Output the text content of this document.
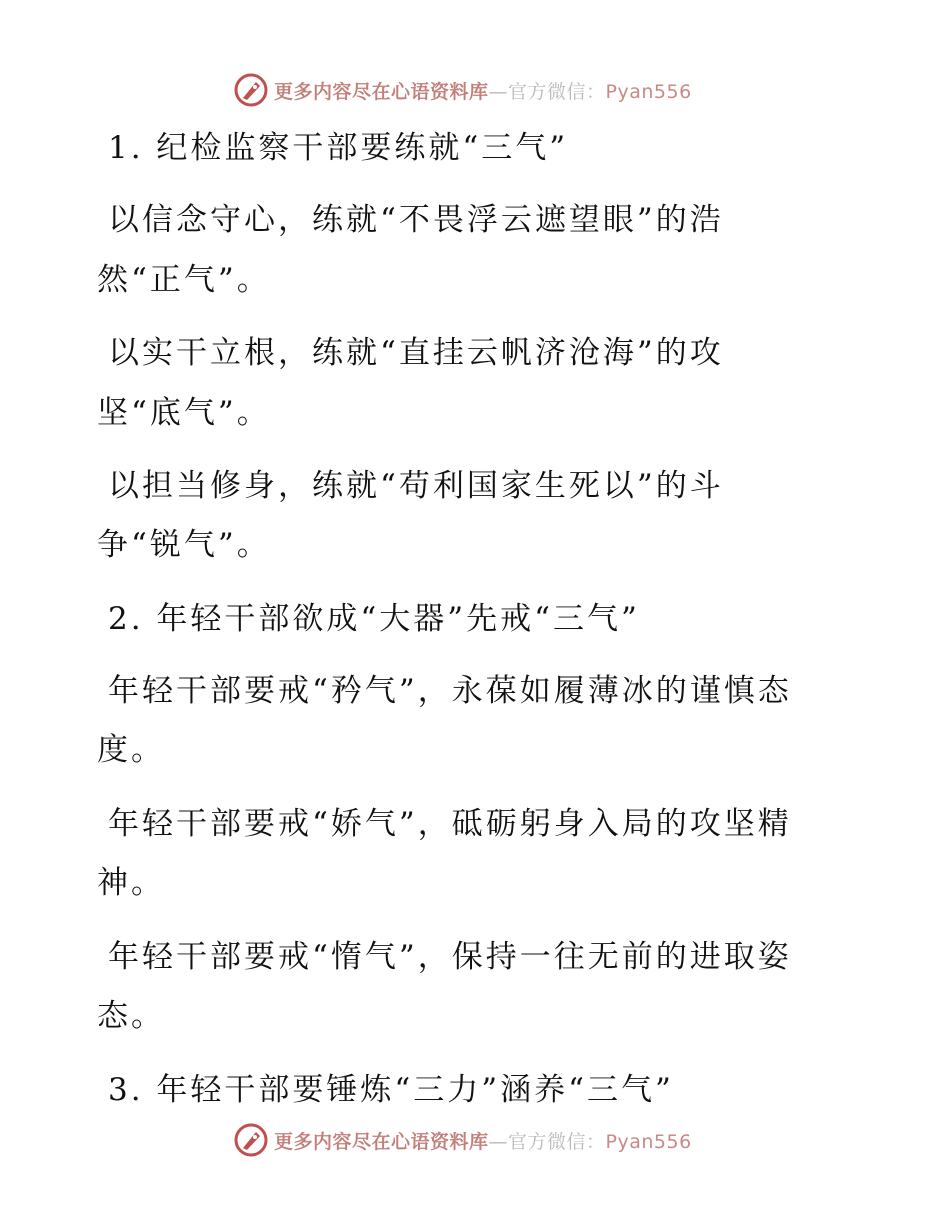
更多内容尽在心语资料库—官方微信：Pyan556
1. 纪检监察干部要练就“三气”
以信念守心，练就“不畏浮云遮望眼”的浩
然“正气”。
以实干立根，练就“直挂云帆济沧海”的攻
坚“底气”。
以担当修身，练就“苟利国家生死以”的斗
争“锐气”。
2. 年轻干部欲成“大器”先戒“三气”
年轻干部要戒“矜气”，永葆如履薄冰的谨慎态
度。
年轻干部要戒“娇气”，砥砺躬身入局的攻坚精
神。
年轻干部要戒“惰气”，保持一往无前的进取姿
态。
3. 年轻干部要锤炼“三力”涵养“三气”
更多内容尽在心语资料库—官方微信：Pyan556
